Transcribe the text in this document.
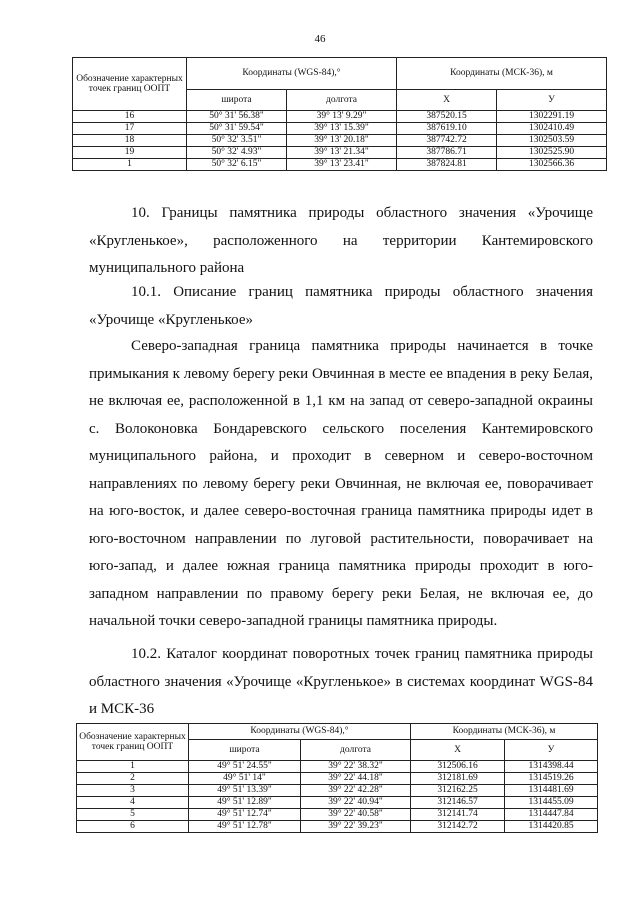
46
Обозначение характерных точек границ ООПТ	Координаты (WGS-84),°		Координаты (МСК-36), м	
	широта	долгота	Х	У
16	50° 31' 56.38"	39° 13' 9.29"	387520.15	1302291.19
17	50° 31' 59.54"	39° 13' 15.39"	387619.10	1302410.49
18	50° 32' 3.51"	39° 13' 20.18"	387742.72	1302503.59
19	50° 32' 4.93"	39° 13' 21.34"	387786.71	1302525.90
1	50° 32' 6.15"	39° 13' 23.41"	387824.81	1302566.36

10. Границы памятника природы областного значения «Урочище «Кругленькое», расположенного на территории Кантемировского муниципального района

10.1. Описание границ памятника природы областного значения «Урочище «Кругленькое»

Северо-западная граница памятника природы начинается в точке примыкания к левому берегу реки Овчинная в месте ее впадения в реку Белая, не включая ее, расположенной в 1,1 км на запад от северо-западной окраины с. Волоконовка Бондаревского сельского поселения Кантемировского муниципального района, и проходит в северном и северо-восточном направлениях по левому берегу реки Овчинная, не включая ее, поворачивает на юго-восток, и далее северо-восточная граница памятника природы идет в юго-восточном направлении по луговой растительности, поворачивает на юго-запад, и далее южная граница памятника природы проходит в юго-западном направлении по правому берегу реки Белая, не включая ее, до начальной точки северо-западной границы памятника природы.

10.2. Каталог координат поворотных точек границ памятника природы областного значения «Урочище «Кругленькое» в системах координат WGS-84 и МСК-36

Обозначение характерных точек границ ООПТ	Координаты (WGS-84),°		Координаты (МСК-36), м	
	широта	долгота	Х	У
1	49° 51' 24.55"	39° 22' 38.32"	312506.16	1314398.44
2	49° 51' 14"	39° 22' 44.18"	312181.69	1314519.26
3	49° 51' 13.39"	39° 22' 42.28"	312162.25	1314481.69
4	49° 51' 12.89"	39° 22' 40.94"	312146.57	1314455.09
5	49° 51' 12.74"	39° 22' 40.58"	312141.74	1314447.84
6	49° 51' 12.78"	39° 22' 39.23"	312142.72	1314420.85
